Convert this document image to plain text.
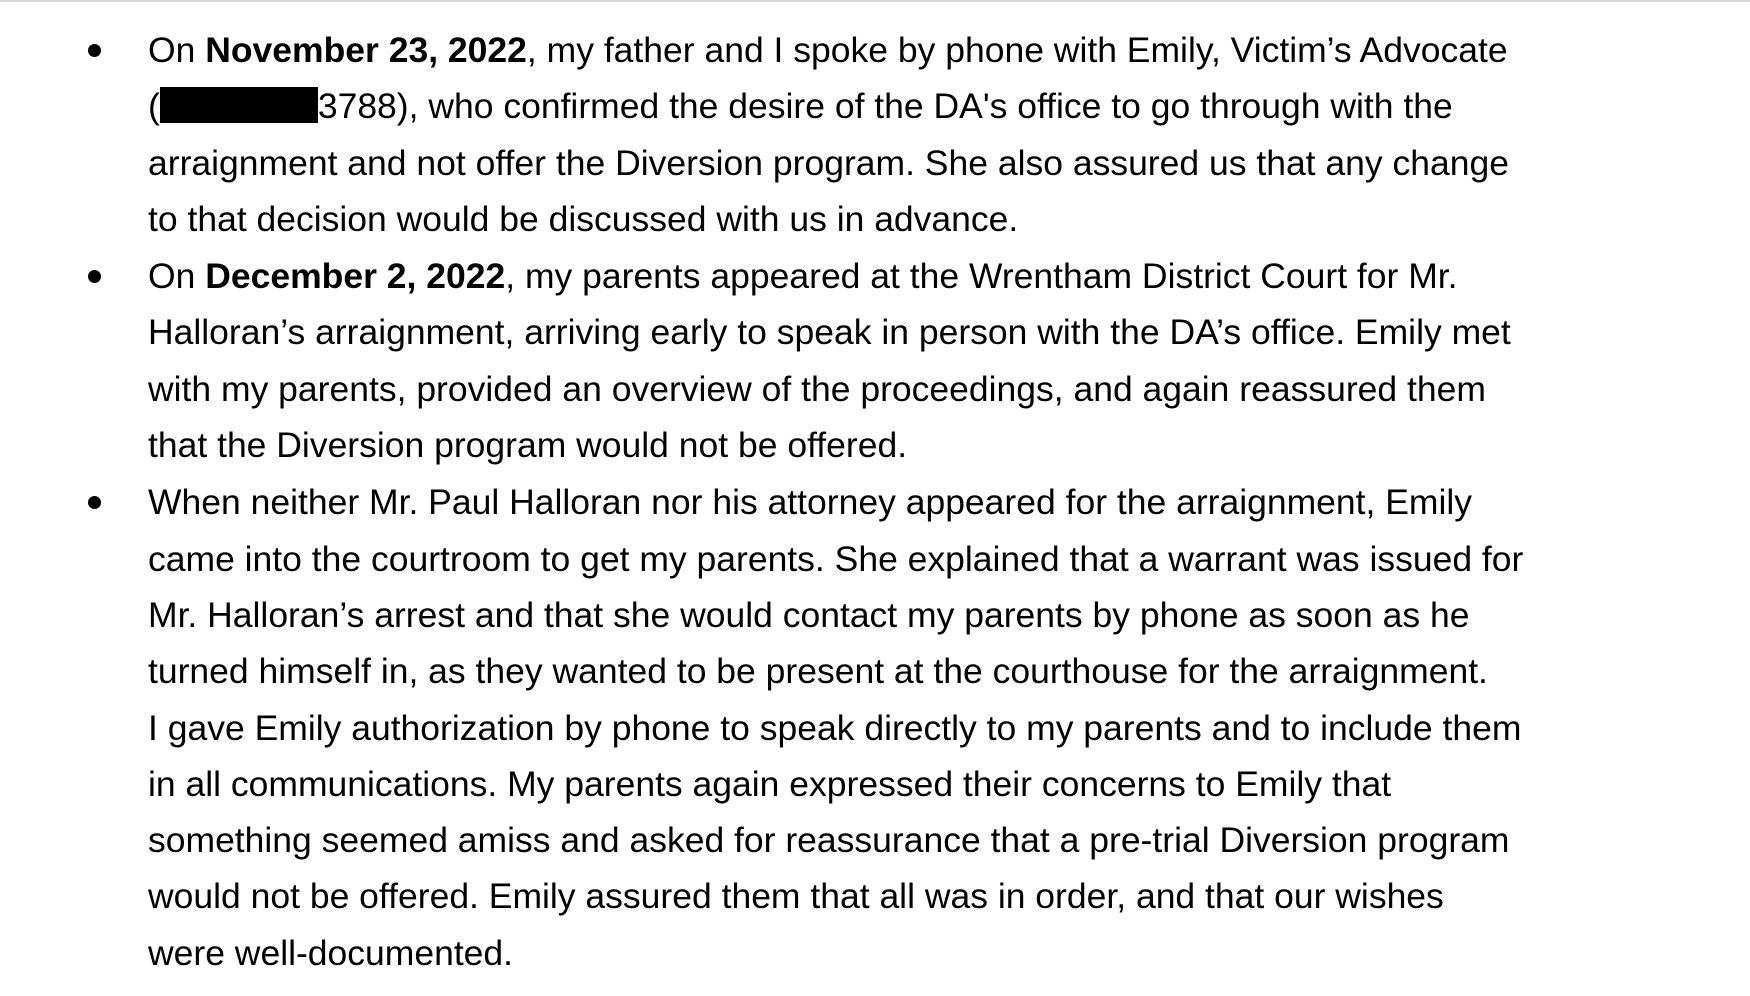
On November 23, 2022, my father and I spoke by phone with Emily, Victim’s Advocate
(	3788), who confirmed the desire of the DA's office to go through with the
arraignment and not offer the Diversion program. She also assured us that any change
to that decision would be discussed with us in advance.
On December 2, 2022, my parents appeared at the Wrentham District Court for Mr.
Halloran’s arraignment, arriving early to speak in person with the DA’s office. Emily met
with my parents, provided an overview of the proceedings, and again reassured them
that the Diversion program would not be offered.
When neither Mr. Paul Halloran nor his attorney appeared for the arraignment, Emily
came into the courtroom to get my parents. She explained that a warrant was issued for
Mr. Halloran’s arrest and that she would contact my parents by phone as soon as he
turned himself in, as they wanted to be present at the courthouse for the arraignment.
I gave Emily authorization by phone to speak directly to my parents and to include them
in all communications. My parents again expressed their concerns to Emily that
something seemed amiss and asked for reassurance that a pre-trial Diversion program
would not be offered. Emily assured them that all was in order, and that our wishes
were well-documented.
